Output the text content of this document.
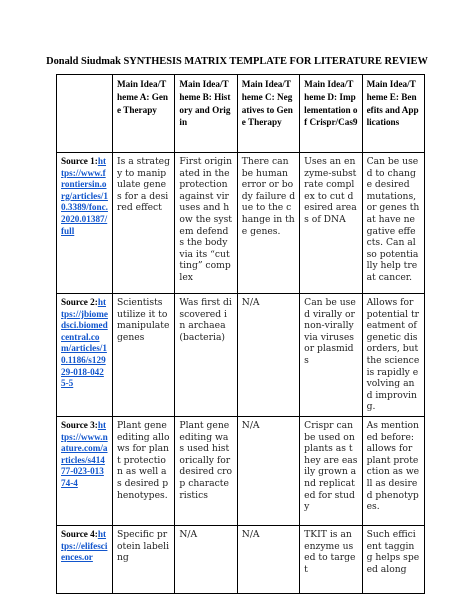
Donald Siudmak SYNTHESIS MATRIX TEMPLATE FOR LITERATURE REVIEW
	Main Idea/Theme A: Gene Therapy	Main Idea/Theme B: History and Origin	Main Idea/Theme C: Negatives to Gene Therapy	Main Idea/Theme D: Implementation of Crispr/Cas9	Main Idea/Theme E: Benefits and Applications
Source 1:https://www.frontiersin.org/articles/10.3389/fonc.2020.01387/full	Is a strategy to manipulate genes for a desired effect	First originated in the protection against viruses and how the system defends the body via its “cutting” complex	There can be human error or body failure due to the change in the genes.	Uses an enzyme-substrate complex to cut desired areas of DNA	Can be used to change desired mutations, or genes that have negative effects. Can also potentially help treat cancer.
Source 2:https://jbiomedsci.biomedcentral.com/articles/10.1186/s12929-018-0425-5	Scientists utilize it to manipulate genes	Was first discovered in archaea (bacteria)	N/A	Can be used virally or non-virally via viruses or plasmids	Allows for potential treatment of genetic disorders, but the science is rapidly evolving and improving.
Source 3:https://www.nature.com/articles/s41477-023-01374-4	Plant gene editing allows for plant protection as well as desired phenotypes.	Plant gene editing was used historically for desired crop characteristics	N/A	Crispr can be used on plants as they are easily grown and replicated for study	As mentioned before: allows for plant protection as well as desired phenotypes.
Source 4:https://elifesciences.or	Specific protein labeling	N/A	N/A	TKIT is an enzyme used to target	Such efficient tagging helps speed along
